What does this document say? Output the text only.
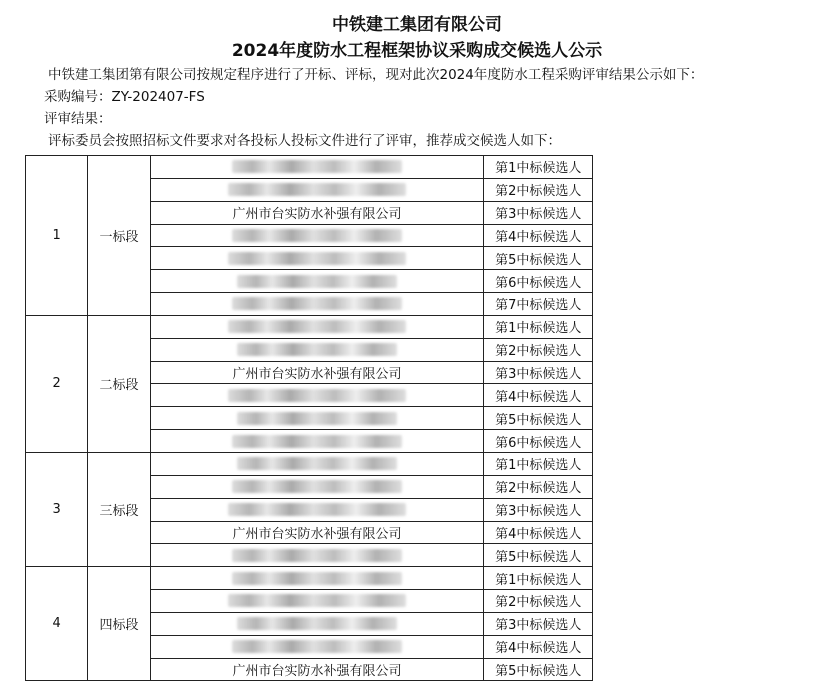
中铁建工集团有限公司
2024年度防水工程框架协议采购成交候选人公示
中铁建工集团第有限公司按规定程序进行了开标、评标，现对此次2024年度防水工程采购评审结果公示如下：
采购编号：ZY-202407-FS
评审结果：
评标委员会按照招标文件要求对各投标人投标文件进行了评审，推荐成交候选人如下：
1	一标段		第1中标候选人
			第2中标候选人
		广州市台实防水补强有限公司	第3中标候选人
			第4中标候选人
			第5中标候选人
			第6中标候选人
			第7中标候选人
2	二标段		第1中标候选人
			第2中标候选人
		广州市台实防水补强有限公司	第3中标候选人
			第4中标候选人
			第5中标候选人
			第6中标候选人
3	三标段		第1中标候选人
			第2中标候选人
			第3中标候选人
		广州市台实防水补强有限公司	第4中标候选人
			第5中标候选人
4	四标段		第1中标候选人
			第2中标候选人
			第3中标候选人
			第4中标候选人
		广州市台实防水补强有限公司	第5中标候选人
